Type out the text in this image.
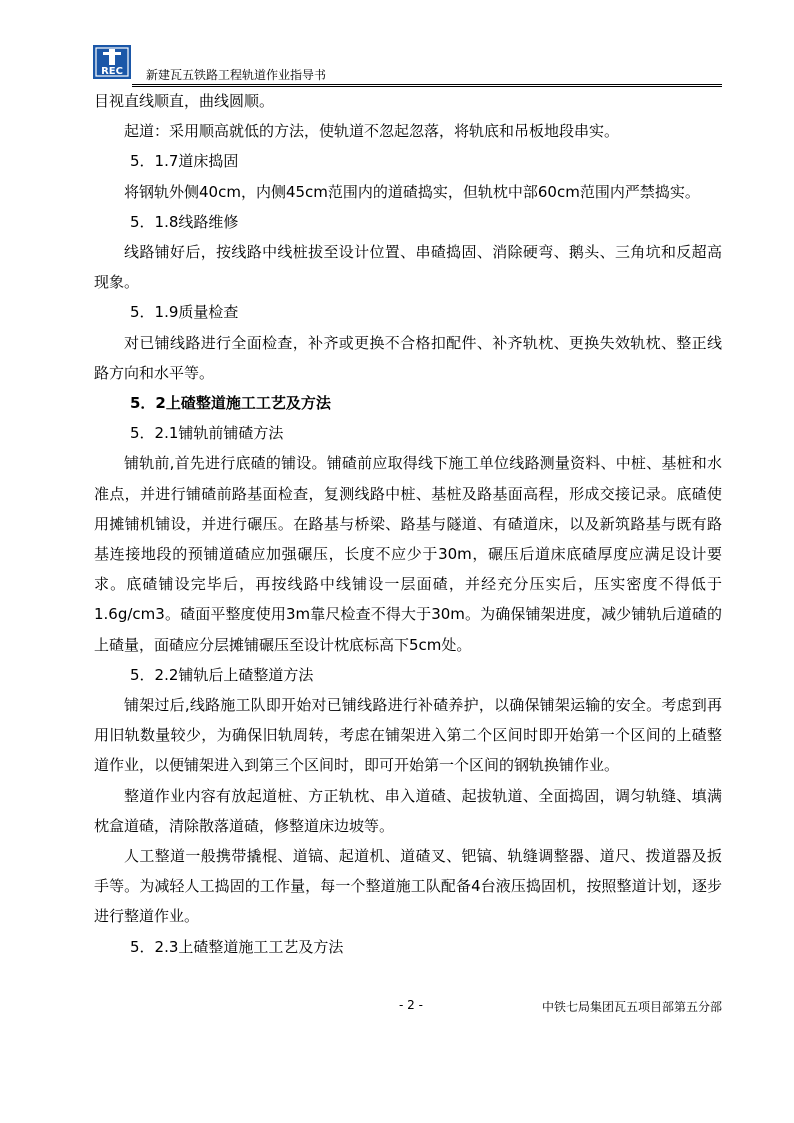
REC 新建瓦五铁路工程轨道作业指导书

目视直线顺直，曲线圆顺。

起道：采用顺高就低的方法，使轨道不忽起忽落，将轨底和吊板地段串实。

5．1.7道床捣固

将钢轨外侧40cm，内侧45cm范围内的道碴捣实，但轨枕中部60cm范围内严禁捣实。

5．1.8线路维修

线路铺好后，按线路中线桩拔至设计位置、串碴捣固、消除硬弯、鹅头、三角坑和反超高现象。

5．1.9质量检查

对已铺线路进行全面检查，补齐或更换不合格扣配件、补齐轨枕、更换失效轨枕、整正线路方向和水平等。

5．2上碴整道施工工艺及方法

5．2.1铺轨前铺碴方法

铺轨前,首先进行底碴的铺设。铺碴前应取得线下施工单位线路测量资料、中桩、基桩和水准点，并进行铺碴前路基面检查，复测线路中桩、基桩及路基面高程，形成交接记录。底碴使用摊铺机铺设，并进行碾压。在路基与桥梁、路基与隧道、有碴道床，以及新筑路基与既有路基连接地段的预铺道碴应加强碾压，长度不应少于30m，碾压后道床底碴厚度应满足设计要求。底碴铺设完毕后，再按线路中线铺设一层面碴，并经充分压实后，压实密度不得低于1.6g/cm3。碴面平整度使用3m靠尺检查不得大于30m。为确保铺架进度，减少铺轨后道碴的上碴量，面碴应分层摊铺碾压至设计枕底标高下5cm处。

5．2.2铺轨后上碴整道方法

铺架过后,线路施工队即开始对已铺线路进行补碴养护，以确保铺架运输的安全。考虑到再用旧轨数量较少，为确保旧轨周转，考虑在铺架进入第二个区间时即开始第一个区间的上碴整道作业，以便铺架进入到第三个区间时，即可开始第一个区间的钢轨换铺作业。

整道作业内容有放起道桩、方正轨枕、串入道碴、起拔轨道、全面捣固，调匀轨缝、填满枕盒道碴，清除散落道碴，修整道床边坡等。

人工整道一般携带撬棍、道镐、起道机、道碴叉、钯镐、轨缝调整器、道尺、拨道器及扳手等。为减轻人工捣固的工作量，每一个整道施工队配备4台液压捣固机，按照整道计划，逐步进行整道作业。

5．2.3上碴整道施工工艺及方法

- 2 -	中铁七局集团瓦五项目部第五分部
